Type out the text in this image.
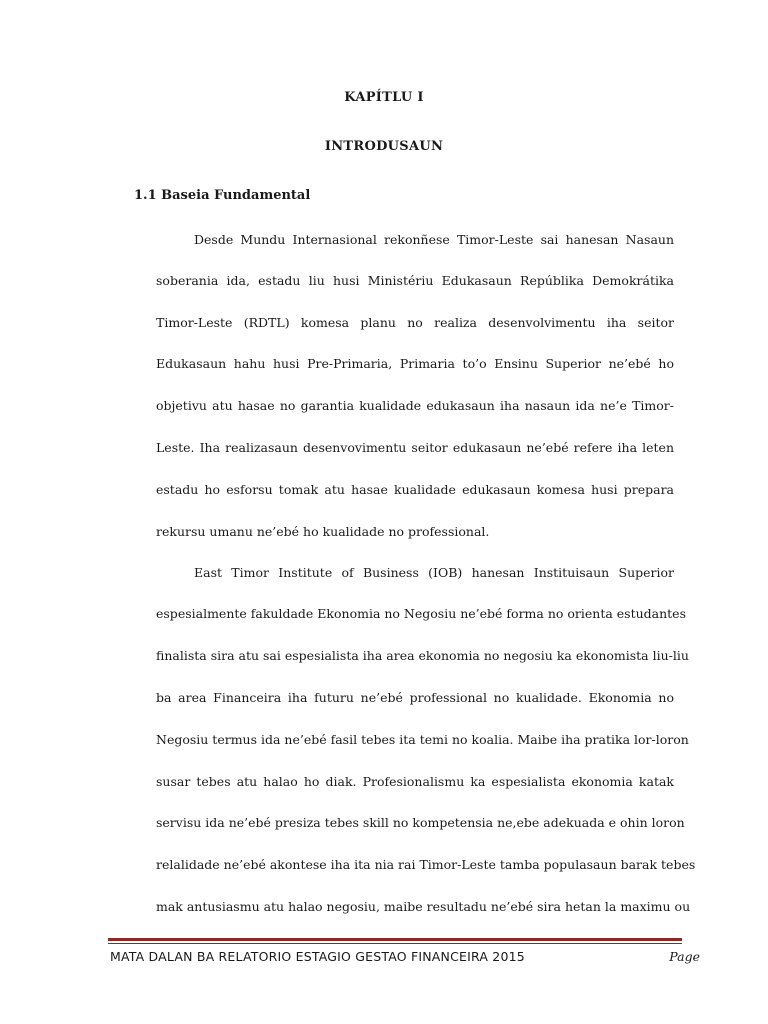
KAPÍTLU I
INTRODUSAUN
1.1 Baseia Fundamental
Desde Mundu Internasional rekonñese Timor-Leste sai hanesan Nasaun
soberania ida, estadu liu husi Ministériu Edukasaun Repúblika Demokrátika
Timor-Leste (RDTL) komesa planu no realiza desenvolvimentu iha seitor
Edukasaun hahu husi Pre-Primaria, Primaria to’o Ensinu Superior ne’ebé ho
objetivu atu hasae no garantia kualidade edukasaun iha nasaun ida ne’e Timor-
Leste. Iha realizasaun desenvovimentu seitor edukasaun ne’ebé refere iha leten
estadu ho esforsu tomak atu hasae kualidade edukasaun komesa husi prepara
rekursu umanu ne’ebé ho kualidade no professional.
East Timor Institute of Business (IOB) hanesan Instituisaun Superior
espesialmente fakuldade Ekonomia no Negosiu ne’ebé forma no orienta estudantes
finalista sira atu sai espesialista iha area ekonomia no negosiu ka ekonomista liu-liu
ba area Financeira iha futuru ne’ebé professional no kualidade. Ekonomia no
Negosiu termus ida ne’ebé fasil tebes ita temi no koalia. Maibe iha pratika lor-loron
susar tebes atu halao ho diak. Profesionalismu ka espesialista ekonomia katak
servisu ida ne’ebé presiza tebes skill no kompetensia ne,ebe adekuada e ohin loron
relalidade ne’ebé akontese iha ita nia rai Timor-Leste tamba populasaun barak tebes
mak antusiasmu atu halao negosiu, maibe resultadu ne’ebé sira hetan la maximu ou
MATA DALAN BA RELATORIO ESTAGIO GESTAO FINANCEIRA 2015	Page
